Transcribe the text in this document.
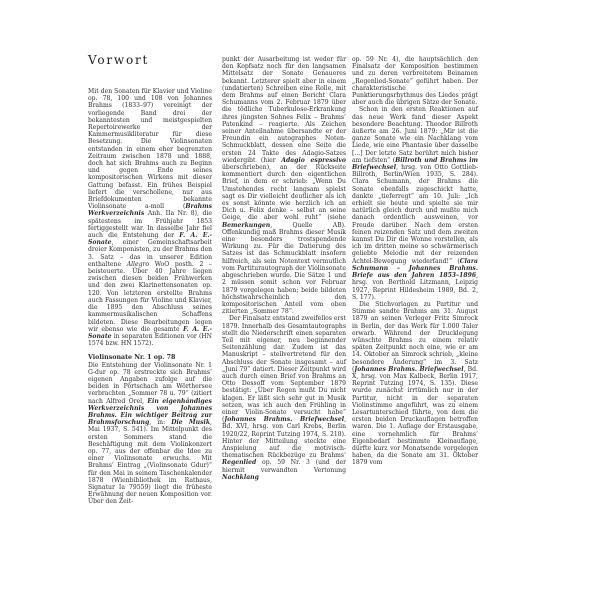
Vorwort

Mit den Sonaten für Klavier und Violine op. 78, 100 und 108 von Johannes Brahms (1833–97) vereinigt der vorliegende Band drei der bekanntesten und meistgespielten Repertoirewerke der Kammermusikliteratur für diese Besetzung. Die Violinsonaten entstanden in einem eher begrenzten Zeitraum zwischen 1878 und 1888, doch hat sich Brahms auch zu Beginn und gegen Ende seines kompositorischen Wirkens mit dieser Gattung befasst. Ein frühes Beispiel liefert die verschollene, nur aus Briefdokumenten bekannte Violinsonate a-moll (Brahms Werkverzeichnis Anh. IIa Nr. 8), die spätestens im Frühjahr 1853 fertiggestellt war. In dasselbe Jahr fiel auch die Entstehung der F. A. E.-Sonate, einer Gemeinschaftsarbeit dreier Komponisten, zu der Brahms den 3. Satz – das in unserer Edition enthaltene Allegro WoO posth. 2 – beisteuerte. Über 40 Jahre liegen zwischen diesen beiden Frühwerken und den zwei Klarinettensonaten op. 120. Von letzteren erstellte Brahms auch Fassungen für Violine und Klavier, die 1895 den Abschluss seines kammermusikalischen Schaffens bildeten. Diese Bearbeitungen legen wir ebenso wie die gesamte F. A. E.-Sonate in separaten Editionen vor (HN 1574 bzw. HN 1572).

Violinsonate Nr. 1 op. 78

Die Entstehung der Violinsonate Nr. 1 G-dur op. 78 erstreckte sich Brahms’ eigenen Angaben zufolge auf die beiden in Pörtschach am Wörthersee verbrachten „Sommer 78 u. 79“ (zitiert nach Alfred Orel, Ein eigenhändiges Werkverzeichnis von Johannes Brahms. Ein wichtiger Beitrag zur Brahmsforschung, in: Die Musik, Mai 1937, S. 541). Im Mittelpunkt des ersten Sommers stand die Beschäftigung mit dem Violinkonzert op. 77, aus der offenbar die Idee zu einer Violinsonate erwuchs. Mit Brahms’ Eintrag „(Violinsonate Gdur)“ für den Mai in seinem Taschenkalender 1878 (Wienbibliothek im Rathaus, Signatur Ia 79559) liegt die früheste Erwähnung der neuen Komposition vor. Über den Zeit-

punkt der Ausarbeitung ist weder für den Kopfsatz noch für den langsamen Mittelsatz der Sonate Genaueres bekannt. Letzterer spielt aber in einem (undatierten) Schreiben eine Rolle, mit dem Brahms auf einen Bericht Clara Schumanns vom 2. Februar 1879 über die tödliche Tuberkulose-Erkrankung ihres jüngsten Sohnes Felix – Brahms’ Patenkind – reagierte. Als Zeichen seiner Anteilnahme übersandte er der Freundin ein autographes Noten-Schmuckblatt, dessen eine Seite die ersten 24 Takte des Adagio-Satzes wiedergibt (hier Adagio espressivo überschrieben), an der Rückseite kommentiert durch den eigentlichen Brief, in dem er schrieb: „Wenn Du Umstehendes recht langsam spielst sagt es Dir vielleicht deutlicher als ich es sonst könnte wie herzlich ich an Dich u. Felix denke – selbst an seine Geige, die aber wohl ruht“ (siehe Bemerkungen, Quelle AB). Offenkundig maß Brahms dieser Musik eine besonders trostspendende Wirkung zu. Für die Datierung des Satzes ist das Schmuckblatt insofern hilfreich, als sein Notentext vermutlich vom Partiturautograph der Violinsonate abgeschrieben wurde. Die Sätze 1 und 2 müssen somit schon vor Februar 1879 vorgelegen haben; beide bildeten höchstwahrscheinlich den kompositorischen Anteil vom oben zitierten „Sommer 78“.

Der Finalsatz entstand zweifellos erst 1879. Innerhalb des Gesamtautographs stellt die Niederschrift einen separaten Teil mit eigener, neu beginnender Seitenzählung dar. Zudem ist das Manuskript – stellvertretend für den Abschluss der Sonate insgesamt – auf „Juni 79“ datiert. Dieser Zeitpunkt wird auch durch einen Brief von Brahms an Otto Dessoff vom September 1879 bestätigt: „Über Regen mußt Du nicht klagen. Er läßt sich sehr gut in Musik setzen, was ich auch den Frühling in einer Violin-Sonate versucht habe“ (Johannes Brahms. Briefwechsel, Bd. XVI, hrsg. von Carl Krebs, Berlin 1920/22, Reprint Tutzing 1974, S. 218). Hinter der Mitteilung steckte eine Anspielung auf die motivisch-thematischen Rückbezüge zu Brahms’ Regenlied op. 59 Nr. 3 (und der hiermit verwandten Vertonung Nachklang

op. 59 Nr. 4), die hauptsächlich den Finalsatz der Komposition bestimmen und zu deren verbreitetem Beinamen „Regenlied-Sonate“ geführt haben. Der charakteristische Punktierungsrhythmus des Liedes prägt aber auch die übrigen Sätze der Sonate.

Schon in den ersten Reaktionen auf das neue Werk fand dieser Aspekt besondere Beachtung. Theodor Billroth äußerte am 26. Juni 1879: „Mir ist die ganze Sonate wie ein Nachklang vom Liede, wie eine Phantasie über dasselbe [...] Der letzte Satz berührt mich bisher am tiefsten“ (Billroth und Brahms im Briefwechsel, hrsg. von Otto Gottlieb-Billroth, Berlin/Wien 1935, S. 284). Clara Schumann, der Brahms die Sonate ebenfalls zugeschickt hatte, dankte „tieferregt“ am 10. Juli: „Ich erhielt sie heute und spielte sie mir natürlich gleich durch und mußte mich danach ordentlich ausweinen, vor Freude darüber. Nach dem ersten feinen reizenden Satz und dem zweiten kannst Du Dir die Wonne vorstellen, als ich im dritten meine so schwärmerisch geliebte Melodie mit der reizenden Achtel-Bewegung wiederfand!“ (Clara Schumann – Johannes Brahms. Briefe aus den Jahren 1853–1896, hrsg. von Berthold Litzmann, Leipzig 1927, Reprint Hildesheim 1989, Bd. 2, S. 177).

Die Stichvorlagen zu Partitur und Stimme sandte Brahms am 31. August 1879 an seinen Verleger Fritz Simrock in Berlin, der das Werk für 1.000 Taler erwarb. Während der Drucklegung wünschte Brahms zu einem relativ späten Zeitpunkt noch eine, wie er am 14. Oktober an Simrock schrieb, „kleine besondere Änderung“ im 3. Satz (Johannes Brahms. Briefwechsel, Bd. X, hrsg. von Max Kalbeck, Berlin 1917, Reprint Tutzing 1974, S. 135). Diese wurde zunächst irrtümlich nur in der Partitur, nicht in der separaten Violinstimme angeführt, was zu einem Lesartunterschied führte, von dem die ersten beiden Druckauflagen betroffen waren. Die 1. Auflage der Erstausgabe, eine vornehmlich für Brahms’ Eigenbedarf bestimmte Kleinauflage, dürfte kurz vor Monatsende vorgelegen haben, da die Sonate am 31. Oktober 1879 vom
